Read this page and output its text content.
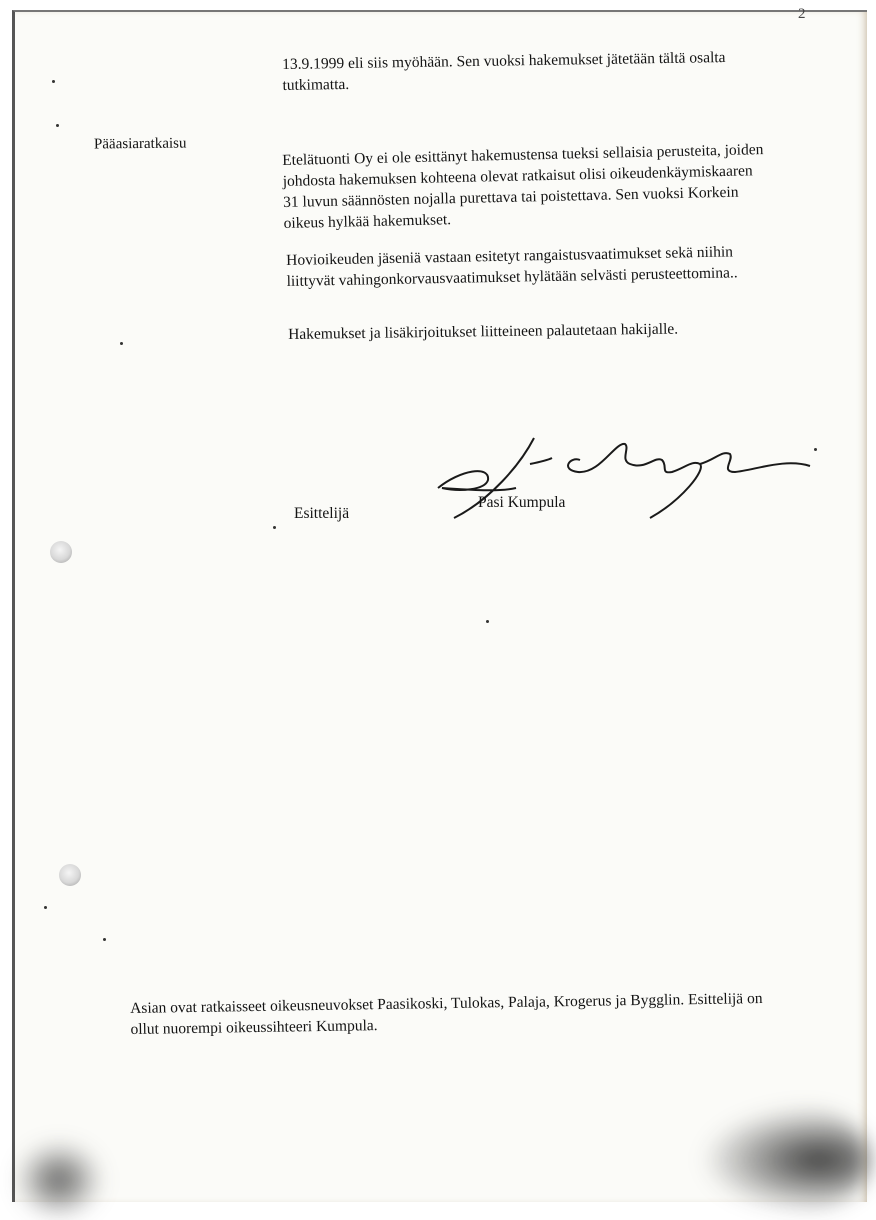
2
Pääasiaratkaisu
13.9.1999 eli siis myöhään. Sen vuoksi hakemukset jätetään tältä osalta
tutkimatta.
Etelätuonti Oy ei ole esittänyt hakemustensa tueksi sellaisia perusteita, joiden
johdosta hakemuksen kohteena olevat ratkaisut olisi oikeudenkäymiskaaren
31 luvun säännösten nojalla purettava tai poistettava. Sen vuoksi Korkein
oikeus hylkää hakemukset.
Hovioikeuden jäseniä vastaan esitetyt rangaistusvaatimukset sekä niihin
liittyvät vahingonkorvausvaatimukset hylätään selvästi perusteettomina..
Hakemukset ja lisäkirjoitukset liitteineen palautetaan hakijalle.
Esittelijä
Pasi Kumpula
Asian ovat ratkaisseet oikeusneuvokset Paasikoski, Tulokas, Palaja, Krogerus ja Bygglin. Esittelijä on
ollut nuorempi oikeussihteeri Kumpula.
